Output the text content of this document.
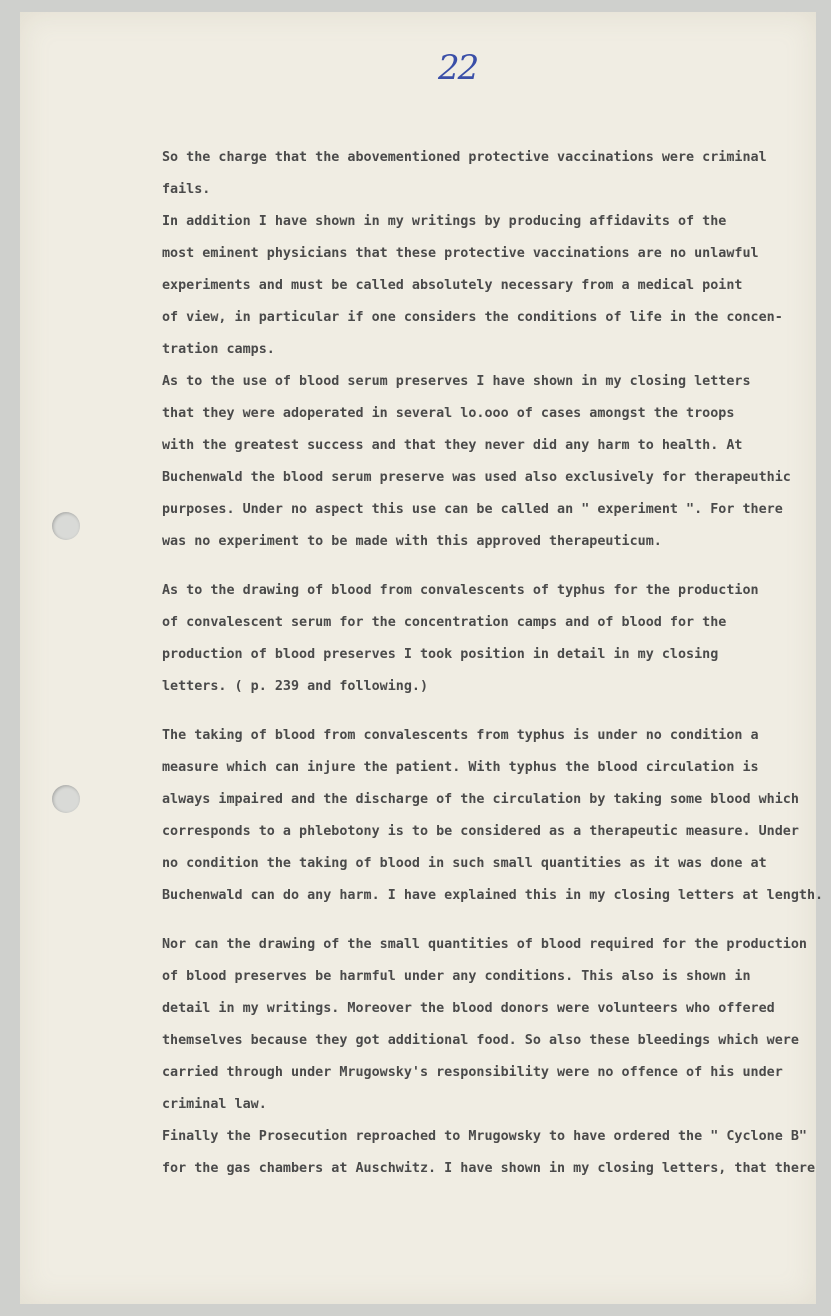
22
So the charge that the abovementioned protective vaccinations were criminal
fails.
In addition I have shown in my writings by producing affidavits of the
most eminent physicians that these protective vaccinations are no unlawful
experiments and must be called absolutely necessary from a medical point
of view, in particular if one considers the conditions of life in the concen-
tration camps.
As to the use of blood serum preserves I have shown in my closing letters
that they were adoperated in several lo.ooo of cases amongst the troops
with the greatest success and that they never did any harm to health. At
Buchenwald the blood serum preserve was used also exclusively for therapeuthic
purposes. Under no aspect this use can be called an " experiment ". For there
was no experiment to be made with this approved therapeuticum.
As to the drawing of blood from convalescents of typhus for the production
of convalescent serum for the concentration camps and of blood for the
production of blood preserves I took position in detail in my closing
letters. ( p. 239 and following.)
The taking of blood from convalescents from typhus is under no condition a
measure which can injure the patient. With typhus the blood circulation is
always impaired and the discharge of the circulation by taking some blood which
corresponds to a phlebotony is to be considered as a therapeutic measure. Under
no condition the taking of blood in such small quantities as it was done at
Buchenwald can do any harm. I have explained this in my closing letters at length.
Nor can the drawing of the small quantities of blood required for the production
of blood preserves be harmful under any conditions. This also is shown in
detail in my writings. Moreover the blood donors were volunteers who offered
themselves because they got additional food. So also these bleedings which were
carried through under Mrugowsky's responsibility were no offence of his under
criminal law.
Finally the Prosecution reproached to Mrugowsky to have ordered the " Cyclone B"
for the gas chambers at Auschwitz. I have shown in my closing letters, that there
